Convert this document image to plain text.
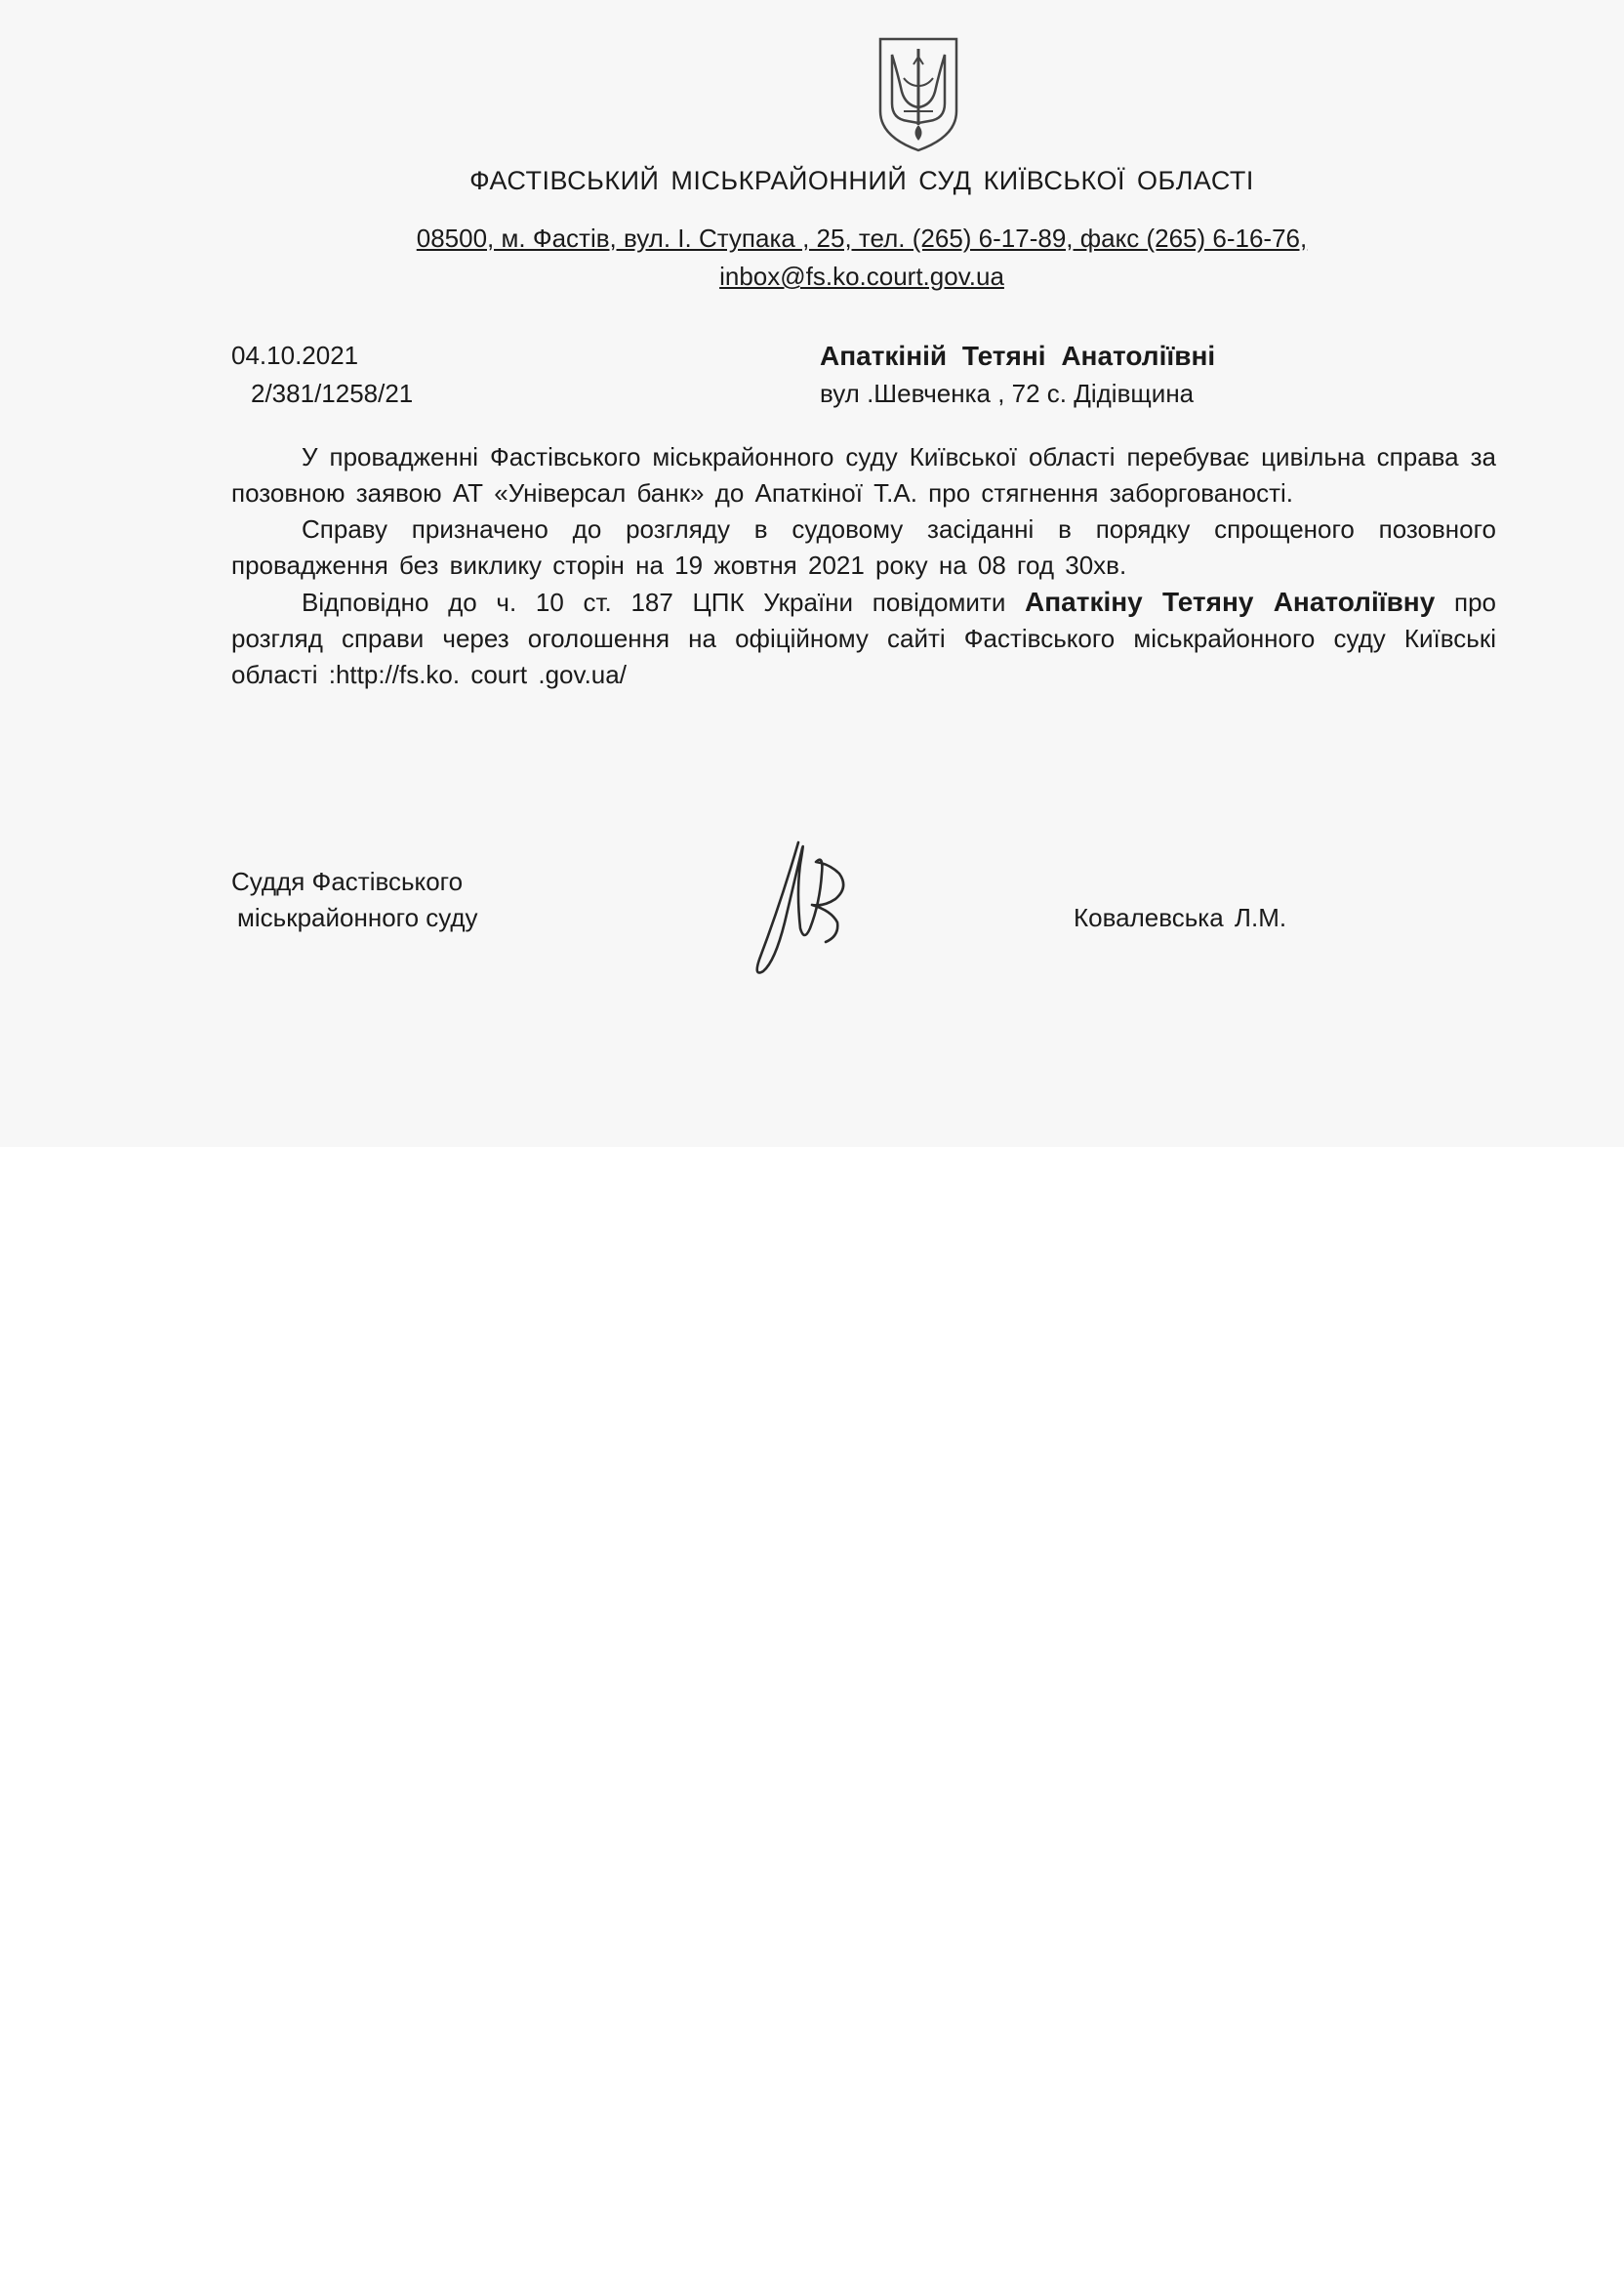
ФАСТІВСЬКИЙ МІСЬКРАЙОННИЙ СУД КИЇВСЬКОЇ ОБЛАСТІ
08500, м. Фастів, вул. І. Ступака , 25, тел. (265) 6-17-89, факс (265) 6-16-76,
inbox@fs.ko.court.gov.ua
04.10.2021
2/381/1258/21
Апаткіній Тетяні Анатоліївні
вул .Шевченка , 72 с. Дідівщина

У провадженні Фастівського міськрайонного суду Київської області перебуває цивільна справа за позовною заявою АТ «Універсал банк» до Апаткіної Т.А. про стягнення заборгованості.

Справу призначено до розгляду в судовому засіданні в порядку спрощеного позовного провадження без виклику сторін на 19 жовтня 2021 року на 08 год 30хв.

Відповідно до ч. 10 ст. 187 ЦПК України повідомити Апаткіну Тетяну Анатоліївну про розгляд справи через оголошення на офіційному сайті Фастівського міськрайонного суду Київські області :http://fs.ko. court .gov.ua/

Суддя Фастівського
міськрайонного суду	Ковалевська Л.М.
